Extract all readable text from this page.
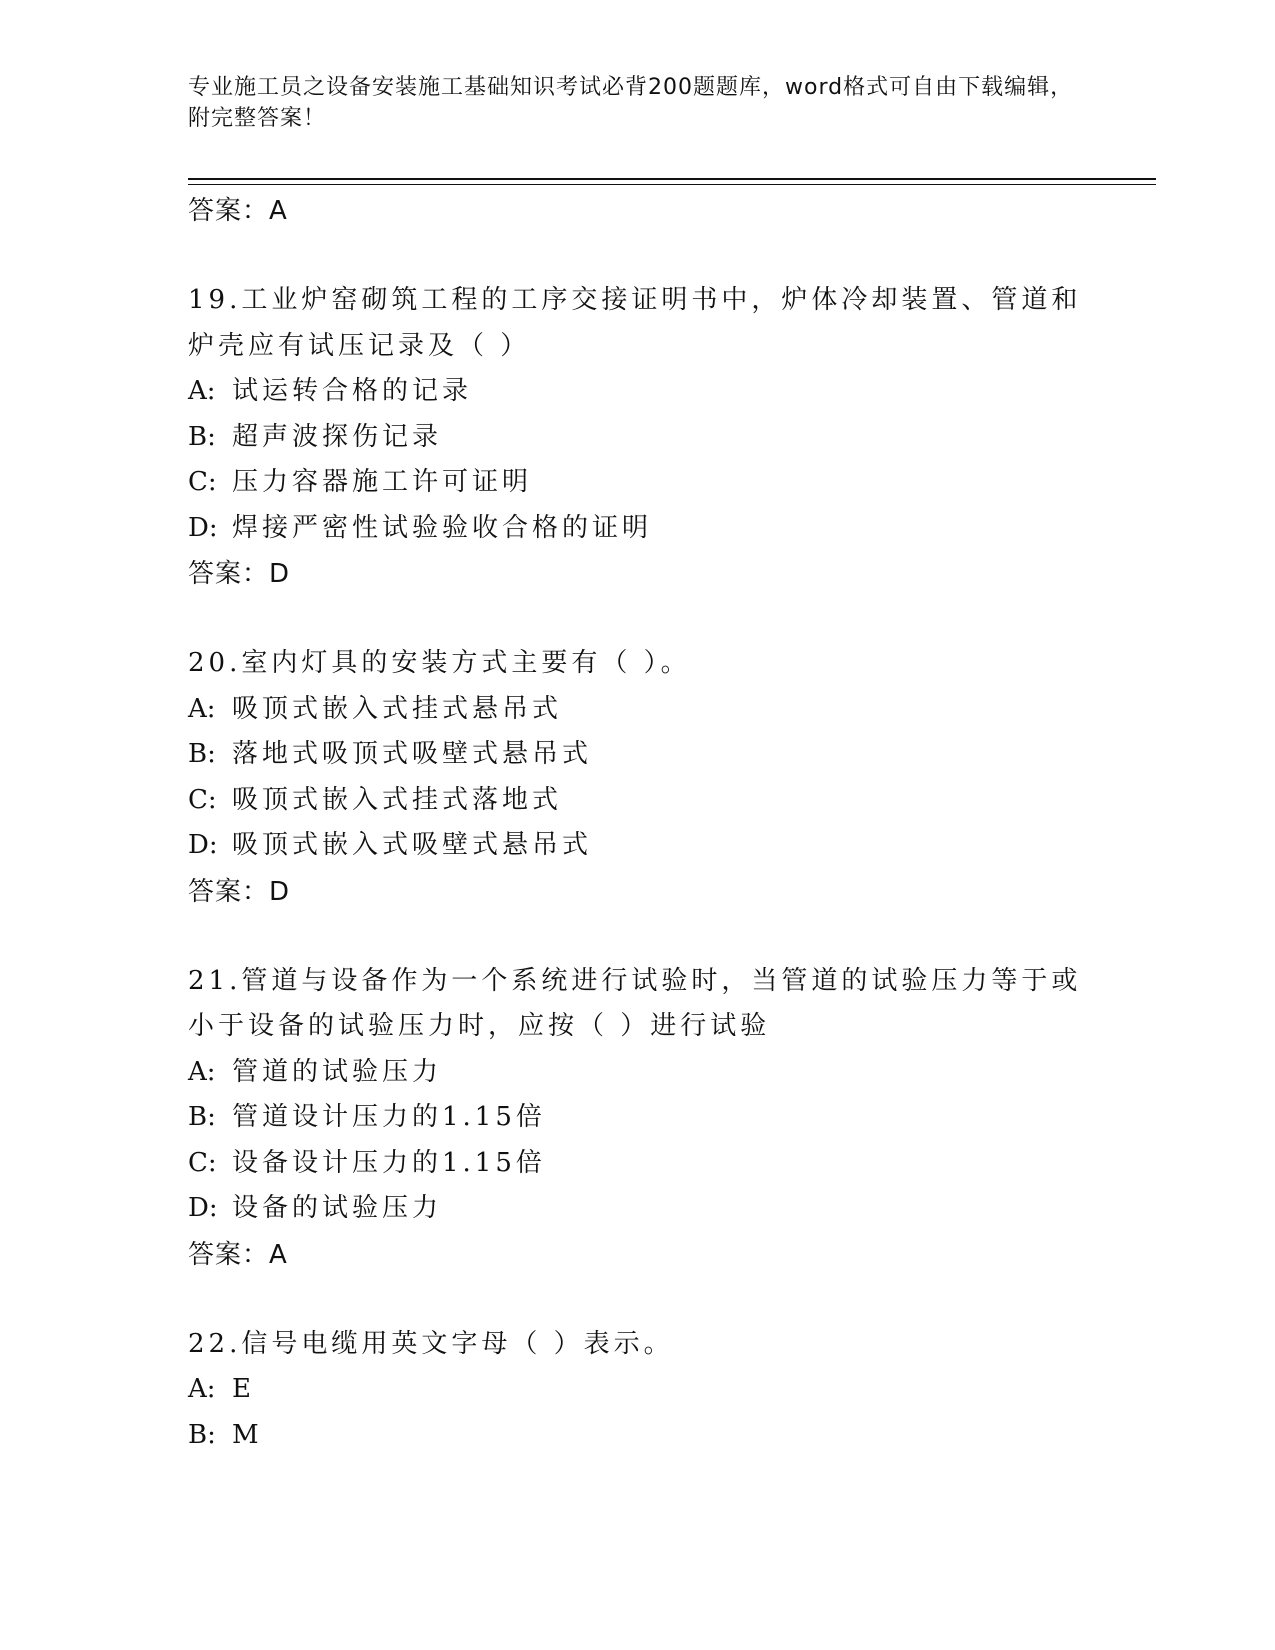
专业施工员之设备安装施工基础知识考试必背200题题库，word格式可自由下载编辑，附完整答案！
答案：A
19.工业炉窑砌筑工程的工序交接证明书中，炉体冷却装置、管道和炉壳应有试压记录及（ ）
A: 试运转合格的记录
B: 超声波探伤记录
C: 压力容器施工许可证明
D: 焊接严密性试验验收合格的证明
答案：D
20.室内灯具的安装方式主要有（ ）。
A: 吸顶式嵌入式挂式悬吊式
B: 落地式吸顶式吸壁式悬吊式
C: 吸顶式嵌入式挂式落地式
D: 吸顶式嵌入式吸壁式悬吊式
答案：D
21.管道与设备作为一个系统进行试验时，当管道的试验压力等于或小于设备的试验压力时，应按（ ）进行试验
A: 管道的试验压力
B: 管道设计压力的1.15倍
C: 设备设计压力的1.15倍
D: 设备的试验压力
答案：A
22.信号电缆用英文字母（ ）表示。
A: E
B: M
